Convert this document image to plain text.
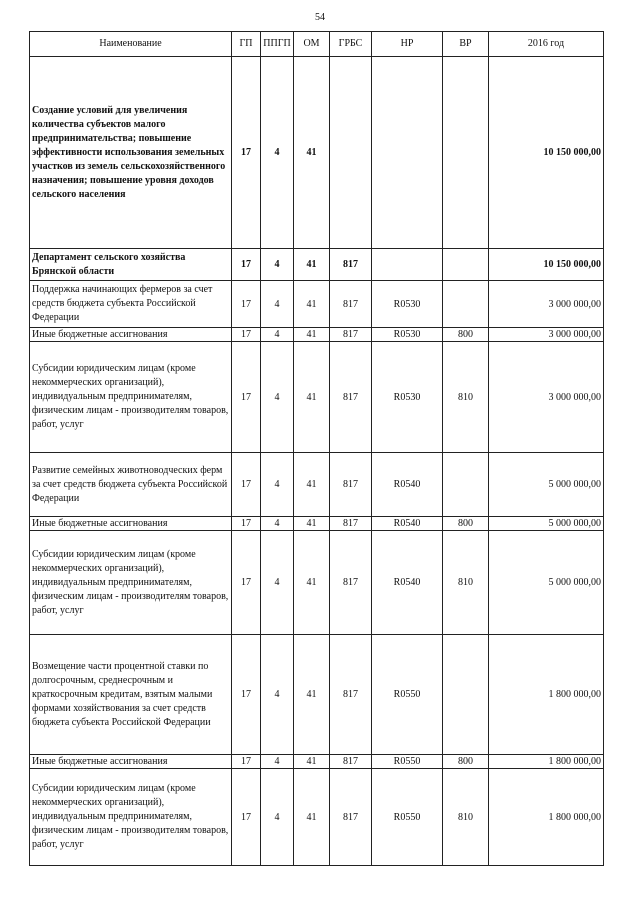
54
Наименование	ГП	ППГП	ОМ	ГРБС	НР	ВР	2016 год
Создание условий для увеличения количества субъектов малого предпринимательства; повышение эффективности использования земельных участков из земель сельскохозяйственного назначения; повышение уровня доходов сельского населения	17	4	41				10 150 000,00
Департамент сельского хозяйства Брянской области	17	4	41	817			10 150 000,00
Поддержка начинающих фермеров за счет средств бюджета субъекта Российской Федерации	17	4	41	817	R0530		3 000 000,00
Иные бюджетные ассигнования	17	4	41	817	R0530	800	3 000 000,00
Субсидии юридическим лицам (кроме некоммерческих организаций), индивидуальным предпринимателям, физическим лицам - производителям товаров, работ, услуг	17	4	41	817	R0530	810	3 000 000,00
Развитие семейных животноводческих ферм за счет средств бюджета субъекта Российской Федерации	17	4	41	817	R0540		5 000 000,00
Иные бюджетные ассигнования	17	4	41	817	R0540	800	5 000 000,00
Субсидии юридическим лицам (кроме некоммерческих организаций), индивидуальным предпринимателям, физическим лицам - производителям товаров, работ, услуг	17	4	41	817	R0540	810	5 000 000,00
Возмещение части процентной ставки по долгосрочным, среднесрочным и краткосрочным кредитам, взятым малыми формами хозяйствования за счет средств бюджета субъекта Российской Федерации	17	4	41	817	R0550		1 800 000,00
Иные бюджетные ассигнования	17	4	41	817	R0550	800	1 800 000,00
Субсидии юридическим лицам (кроме некоммерческих организаций), индивидуальным предпринимателям, физическим лицам - производителям товаров, работ, услуг	17	4	41	817	R0550	810	1 800 000,00
